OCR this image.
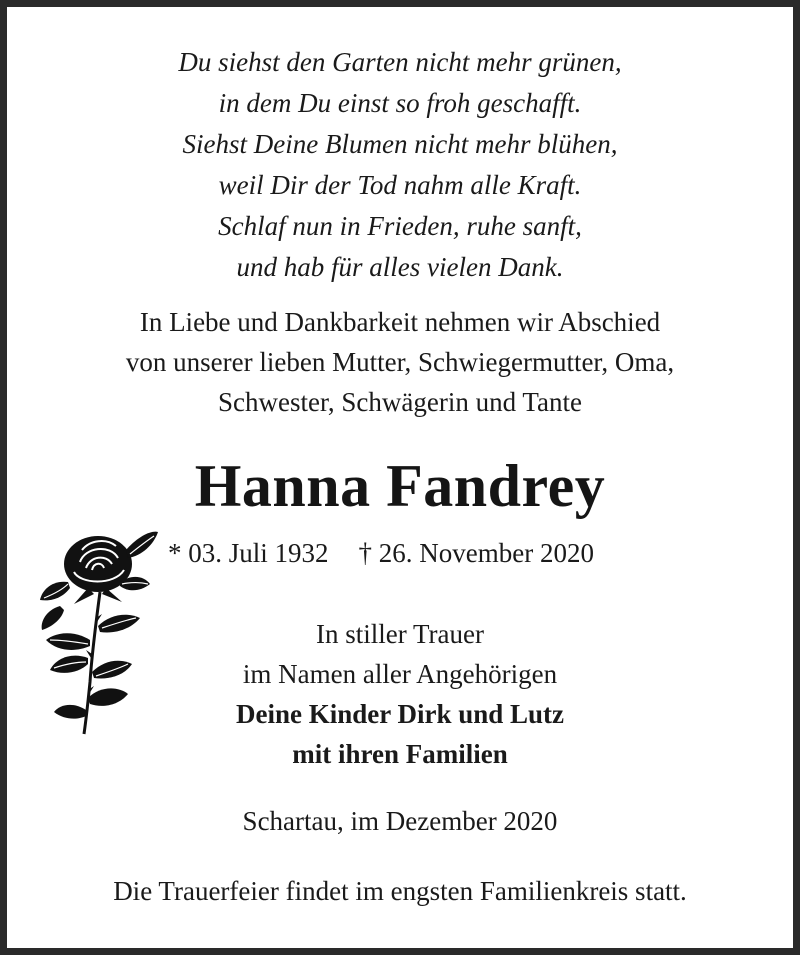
Du siehst den Garten nicht mehr grünen,
in dem Du einst so froh geschafft.
Siehst Deine Blumen nicht mehr blühen,
weil Dir der Tod nahm alle Kraft.
Schlaf nun in Frieden, ruhe sanft,
und hab für alles vielen Dank.
In Liebe und Dankbarkeit nehmen wir Abschied
von unserer lieben Mutter, Schwiegermutter, Oma,
Schwester, Schwägerin und Tante
Hanna Fandrey
* 03. Juli 1932 † 26. November 2020
In stiller Trauer
im Namen aller Angehörigen
Deine Kinder Dirk und Lutz
mit ihren Familien
Schartau, im Dezember 2020
Die Trauerfeier findet im engsten Familienkreis statt.
